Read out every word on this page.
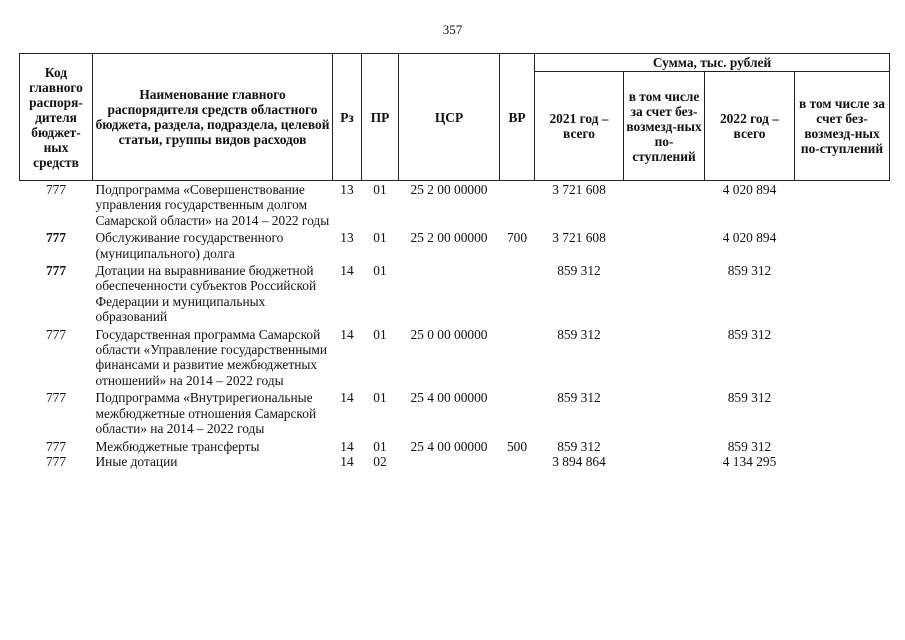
357
Код главного распоря-дителя бюджет-ных средств	Наименование главного распорядителя средств областного бюджета, раздела, подраздела, целевой статьи, группы видов расходов	Рз	ПР	ЦСР	ВР	Сумма, тыс. рублей			
						2021 год – всего	в том числе за счет без-возмезд-ных по-ступлений	2022 год – всего	в том числе за счет без-возмезд-ных по-ступлений
777	Подпрограмма «Совершенствование управления государственным долгом Самарской области» на 2014 – 2022 годы	13	01	25 2 00 00000		3 721 608		4 020 894	

777	Обслуживание государственного (муниципального) долга	13	01	25 2 00 00000	700	3 721 608		4 020 894	

777	Дотации на выравнивание бюджетной обеспеченности субъектов Российской Федерации и муниципальных образований	14	01			859 312		859 312	

777	Государственная программа Самарской области «Управление государственными финансами и развитие межбюджетных отношений» на 2014 – 2022 годы	14	01	25 0 00 00000		859 312		859 312	

777	Подпрограмма «Внутрирегиональные межбюджетные отношения Самарской области» на 2014 – 2022 годы	14	01	25 4 00 00000		859 312		859 312	

777	Межбюджетные трансферты	14	01	25 4 00 00000	500	859 312		859 312	
777	Иные дотации	14	02			3 894 864		4 134 295	
